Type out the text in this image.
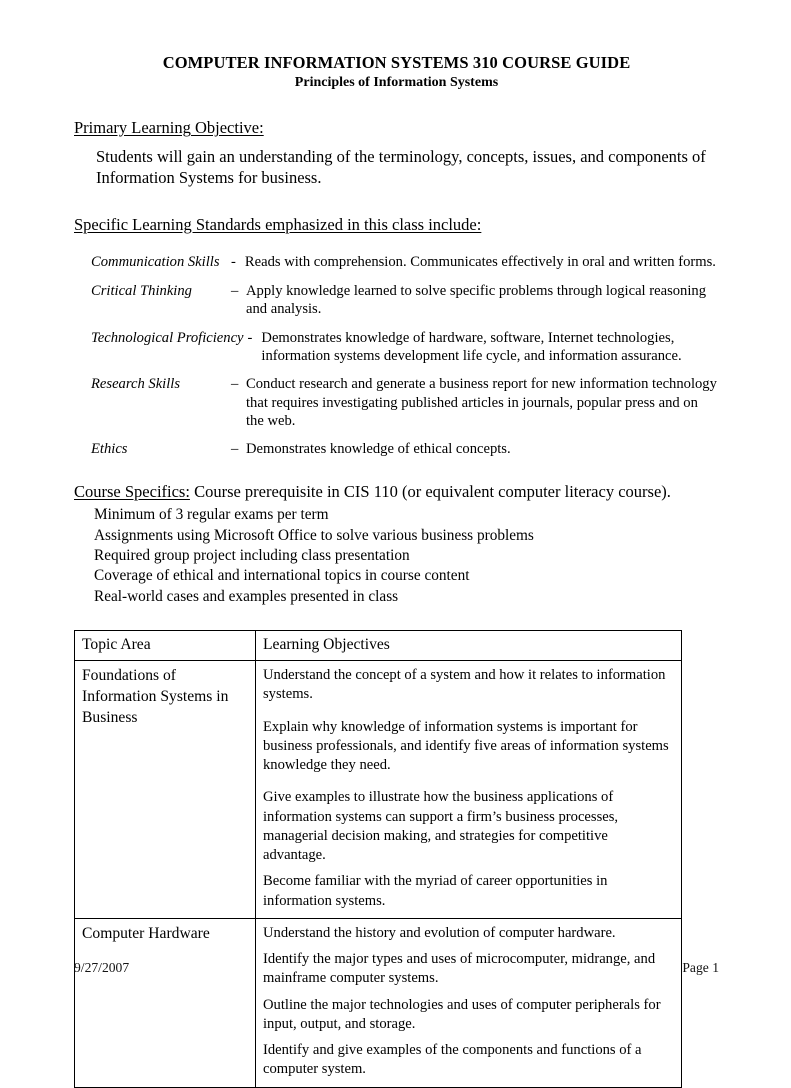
COMPUTER INFORMATION SYSTEMS 310 COURSE GUIDE
Principles of Information Systems
Primary Learning Objective:
Students will gain an understanding of the terminology, concepts, issues, and components of Information Systems for business.
Specific Learning Standards emphasized in this class include:
Communication Skills - Reads with comprehension. Communicates effectively in oral and written forms.
Critical Thinking	– Apply knowledge learned to solve specific problems through logical reasoning and analysis.
Technological Proficiency - Demonstrates knowledge of hardware, software, Internet technologies, information systems development life cycle, and information assurance.
Research Skills	– Conduct research and generate a business report for new information technology that requires investigating published articles in journals, popular press and on the web.
Ethics	– Demonstrates knowledge of ethical concepts.
Course Specifics: Course prerequisite in CIS 110 (or equivalent computer literacy course).
Minimum of 3 regular exams per term
Assignments using Microsoft Office to solve various business problems
Required group project including class presentation
Coverage of ethical and international topics in course content
Real-world cases and examples presented in class
Topic Area	Learning Objectives
Foundations of Information Systems in Business	Understand the concept of a system and how it relates to information systems.

Explain why knowledge of information systems is important for business professionals, and identify five areas of information systems knowledge they need.

Give examples to illustrate how the business applications of information systems can support a firm’s business processes, managerial decision making, and strategies for competitive advantage.

Become familiar with the myriad of career opportunities in information systems.

Computer Hardware	Understand the history and evolution of computer hardware.

Identify the major types and uses of microcomputer, midrange, and mainframe computer systems.

Outline the major technologies and uses of computer peripherals for input, output, and storage.

Identify and give examples of the components and functions of a computer system.

9/27/2007	Page 1
